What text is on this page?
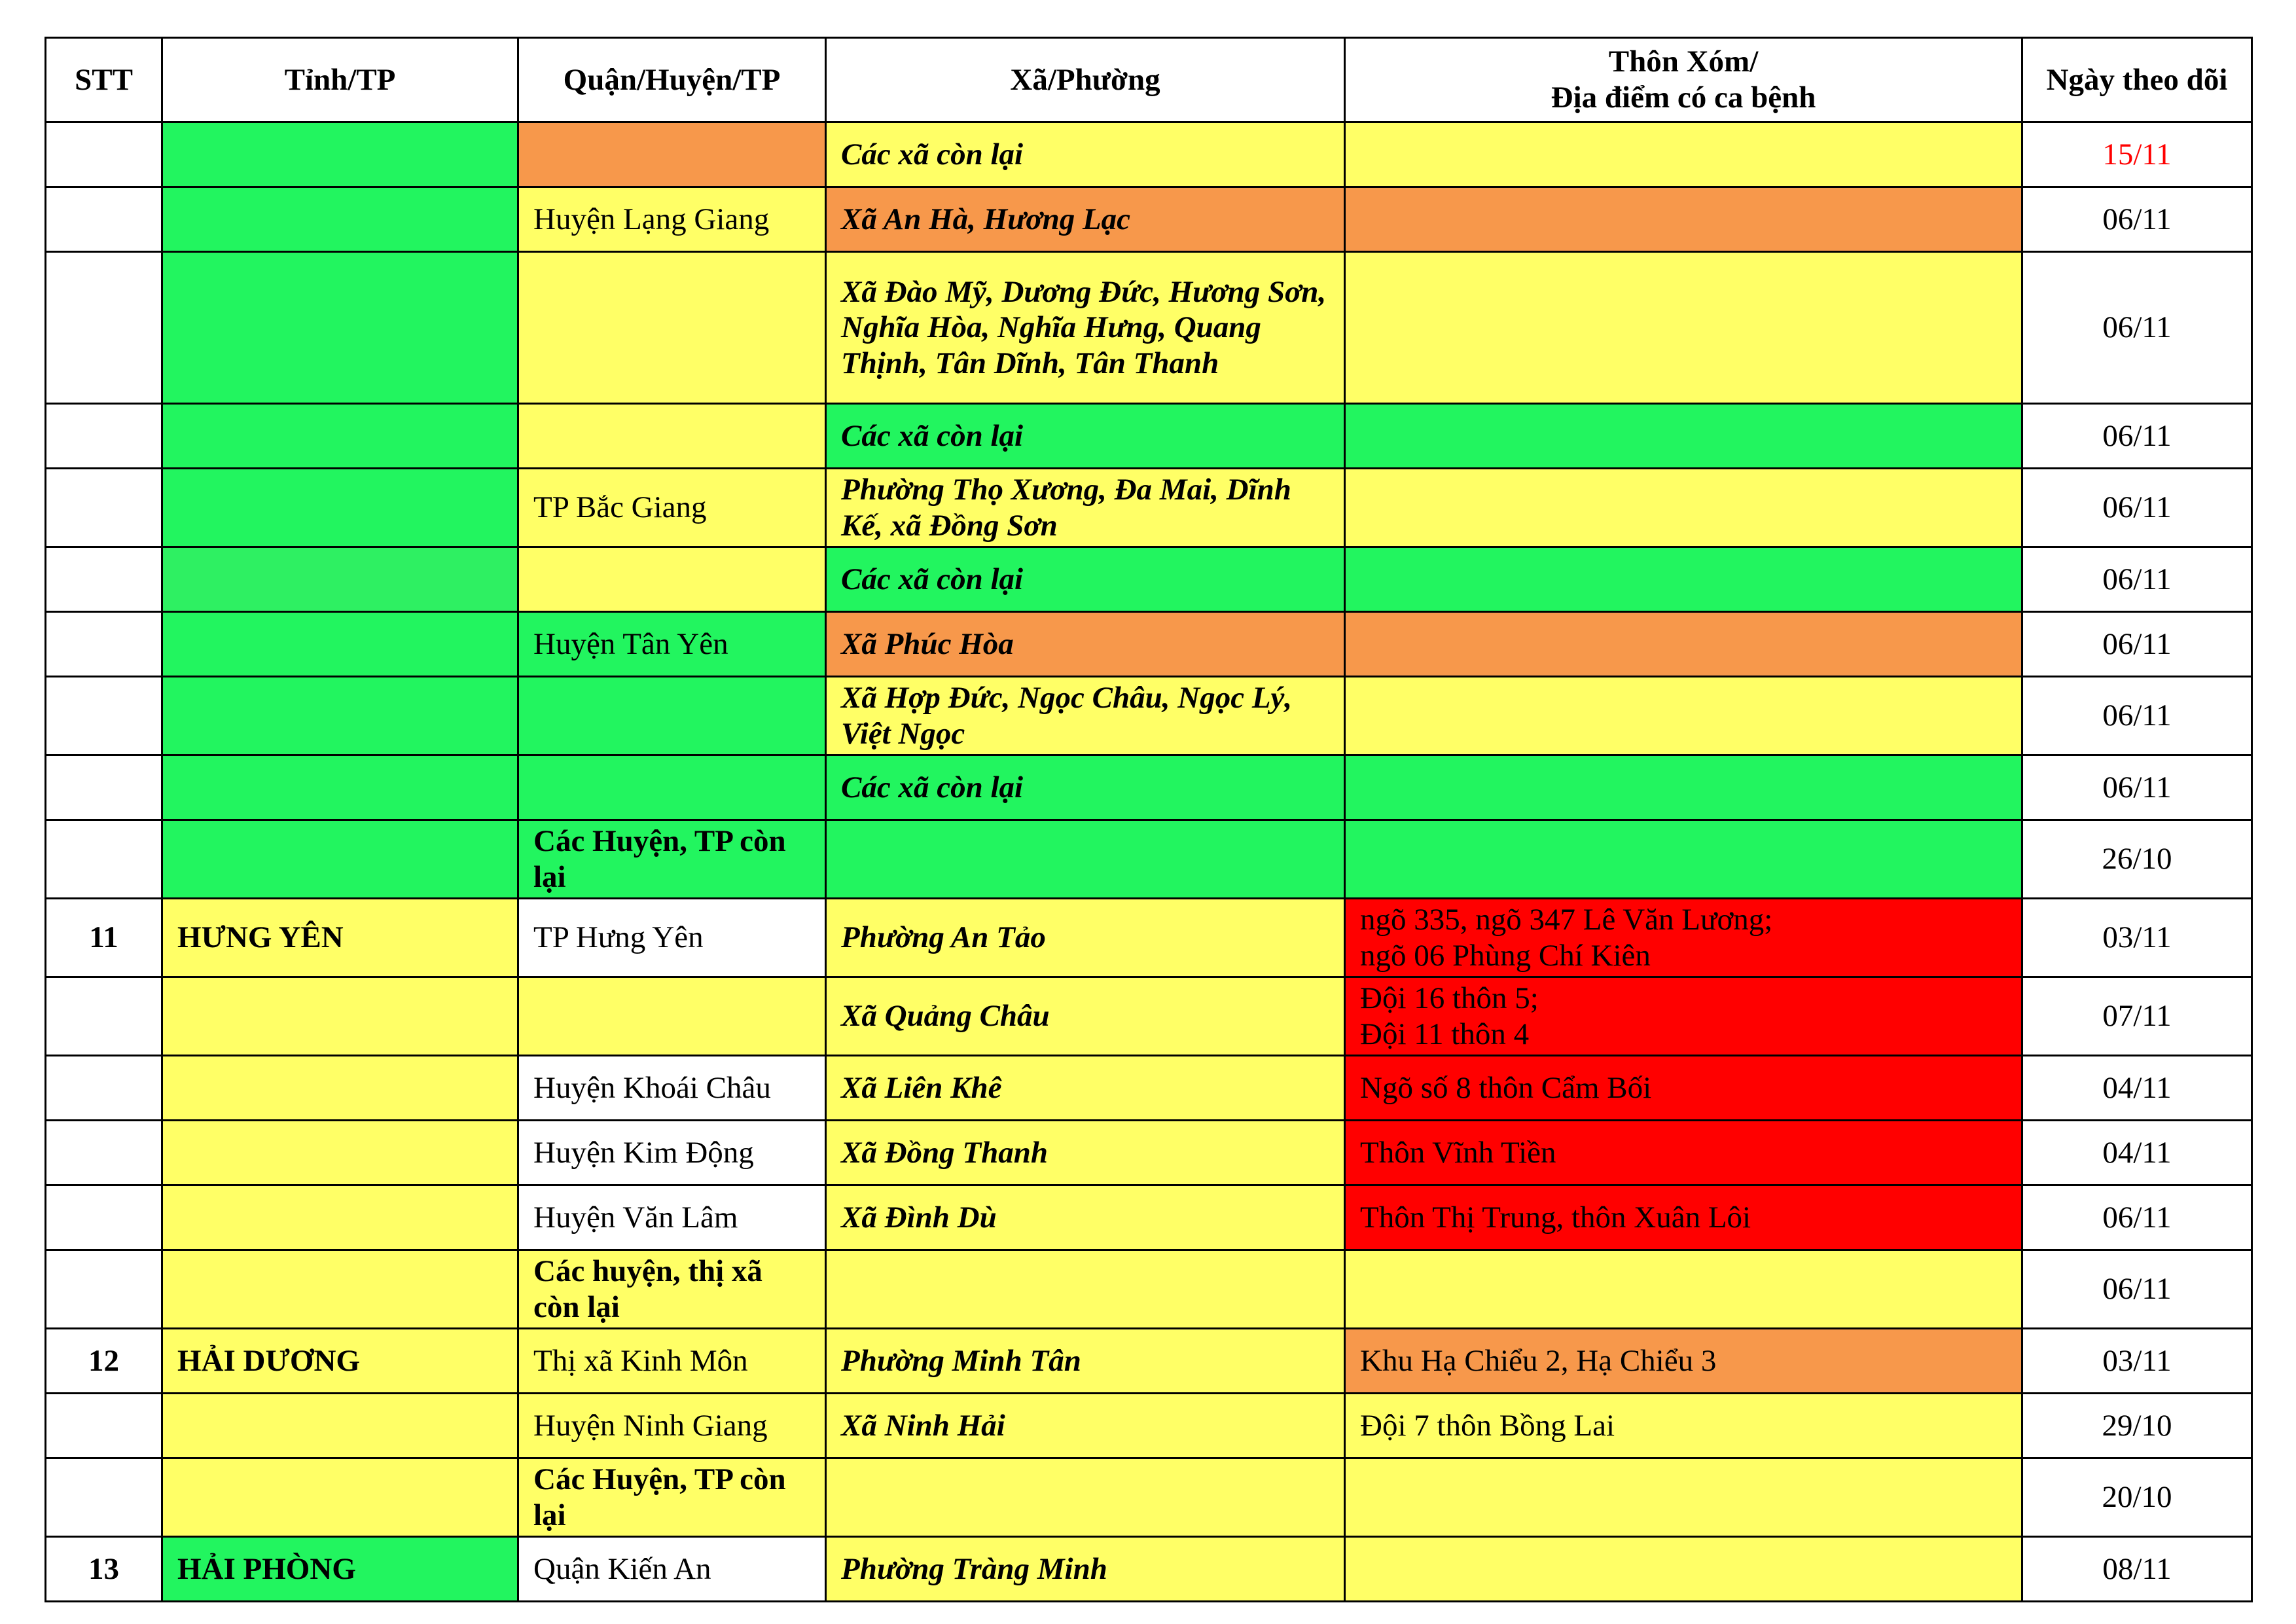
STT	Tỉnh/TP	Quận/Huyện/TP	Xã/Phường	Thôn Xóm/
Địa điểm có ca bệnh	Ngày theo dõi
			Các xã còn lại		15/11
		Huyện Lạng Giang	Xã An Hà, Hương Lạc		06/11
			Xã Đào Mỹ, Dương Đức, Hương Sơn, Nghĩa Hòa, Nghĩa Hưng, Quang Thịnh, Tân Dĩnh, Tân Thanh		06/11
			Các xã còn lại		06/11
		TP Bắc Giang	Phường Thọ Xương, Đa Mai, Dĩnh Kế, xã Đồng Sơn		06/11
			Các xã còn lại		06/11
		Huyện Tân Yên	Xã Phúc Hòa		06/11
			Xã Hợp Đức, Ngọc Châu, Ngọc Lý, Việt Ngọc		06/11
			Các xã còn lại		06/11
		Các Huyện, TP còn lại			26/10
11	HƯNG YÊN	TP Hưng Yên	Phường An Tảo	ngõ 335, ngõ 347 Lê Văn Lương;
ngõ 06 Phùng Chí Kiên	03/11
			Xã Quảng Châu	Đội 16 thôn 5;
Đội 11 thôn 4	07/11
		Huyện Khoái Châu	Xã Liên Khê	Ngõ số 8 thôn Cẩm Bối	04/11
		Huyện Kim Động	Xã Đồng Thanh	Thôn Vĩnh Tiền	04/11
		Huyện Văn Lâm	Xã Đình Dù	Thôn Thị Trung, thôn Xuân Lôi	06/11
		Các huyện, thị xã còn lại			06/11
12	HẢI DƯƠNG	Thị xã Kinh Môn	Phường Minh Tân	Khu Hạ Chiểu 2, Hạ Chiểu 3	03/11
		Huyện Ninh Giang	Xã Ninh Hải	Đội 7 thôn Bồng Lai	29/10
		Các Huyện, TP còn lại			20/10
13	HẢI PHÒNG	Quận Kiến An	Phường Tràng Minh		08/11
